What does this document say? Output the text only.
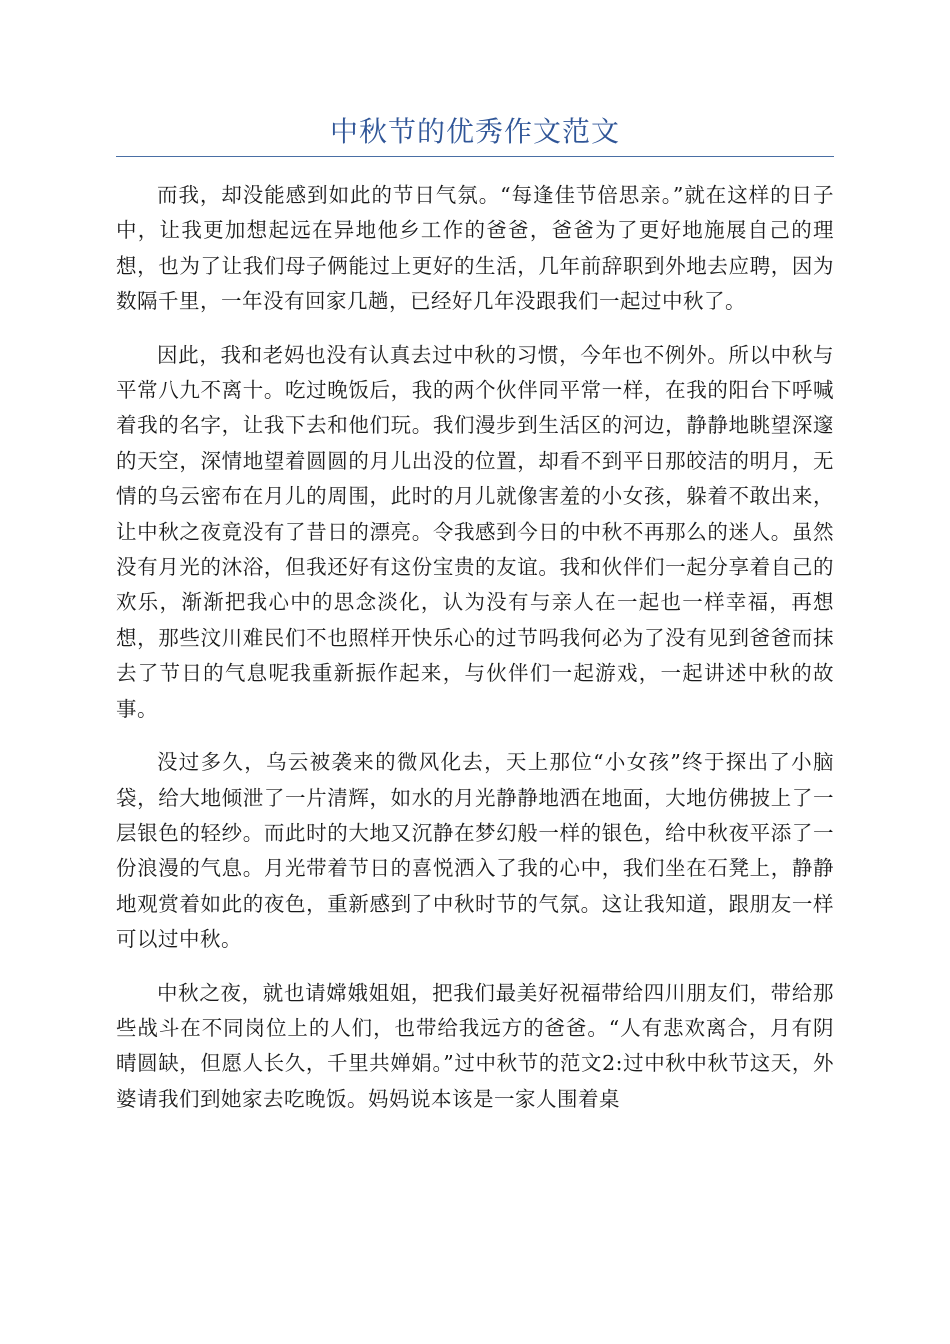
中秋节的优秀作文范文

而我，却没能感到如此的节日气氛。“每逢佳节倍思亲。”就在这样的日子中，让我更加想起远在异地他乡工作的爸爸，爸爸为了更好地施展自己的理想，也为了让我们母子俩能过上更好的生活，几年前辞职到外地去应聘，因为数隔千里，一年没有回家几趟，已经好几年没跟我们一起过中秋了。

因此，我和老妈也没有认真去过中秋的习惯，今年也不例外。所以中秋与平常八九不离十。吃过晚饭后，我的两个伙伴同平常一样，在我的阳台下呼喊着我的名字，让我下去和他们玩。我们漫步到生活区的河边，静静地眺望深邃的天空，深情地望着圆圆的月儿出没的位置，却看不到平日那皎洁的明月，无情的乌云密布在月儿的周围，此时的月儿就像害羞的小女孩，躲着不敢出来，让中秋之夜竟没有了昔日的漂亮。令我感到今日的中秋不再那么的迷人。虽然没有月光的沐浴，但我还好有这份宝贵的友谊。我和伙伴们一起分享着自己的欢乐，渐渐把我心中的思念淡化，认为没有与亲人在一起也一样幸福，再想想，那些汶川难民们不也照样开快乐心的过节吗我何必为了没有见到爸爸而抹去了节日的气息呢我重新振作起来，与伙伴们一起游戏，一起讲述中秋的故事。

没过多久，乌云被袭来的微风化去，天上那位“小女孩”终于探出了小脑袋，给大地倾泄了一片清辉，如水的月光静静地洒在地面，大地仿佛披上了一层银色的轻纱。而此时的大地又沉静在梦幻般一样的银色，给中秋夜平添了一份浪漫的气息。月光带着节日的喜悦洒入了我的心中，我们坐在石凳上，静静地观赏着如此的夜色，重新感到了中秋时节的气氛。这让我知道，跟朋友一样可以过中秋。

中秋之夜，就也请嫦娥姐姐，把我们最美好祝福带给四川朋友们，带给那些战斗在不同岗位上的人们，也带给我远方的爸爸。“人有悲欢离合，月有阴晴圆缺，但愿人长久，千里共婵娟。”过中秋节的范文2:过中秋中秋节这天，外婆请我们到她家去吃晚饭。妈妈说本该是一家人围着桌
